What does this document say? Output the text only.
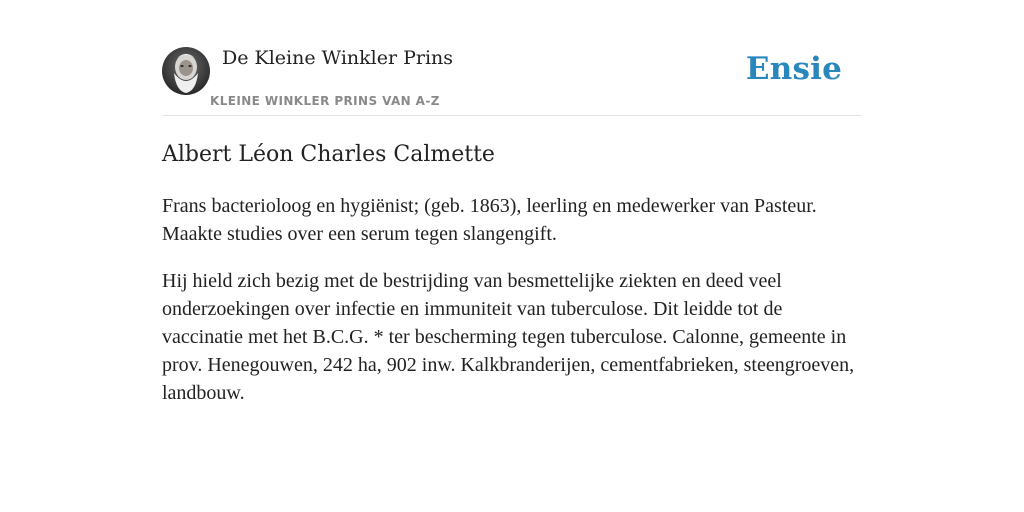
De Kleine Winkler Prins
KLEINE WINKLER PRINS VAN A-Z
Ensie
Albert Léon Charles Calmette

Frans bacterioloog en hygiënist; (geb. 1863), leerling en medewerker van Pasteur. Maakte studies over een serum tegen slangengift.

Hij hield zich bezig met de bestrijding van besmettelijke ziekten en deed veel onderzoekingen over infectie en immuniteit van tuberculose. Dit leidde tot de vaccinatie met het B.C.G. * ter bescherming tegen tuberculose. Calonne, gemeente in prov. Henegouwen, 242 ha, 902 inw. Kalkbranderijen, cementfabrieken, steengroeven, landbouw.
